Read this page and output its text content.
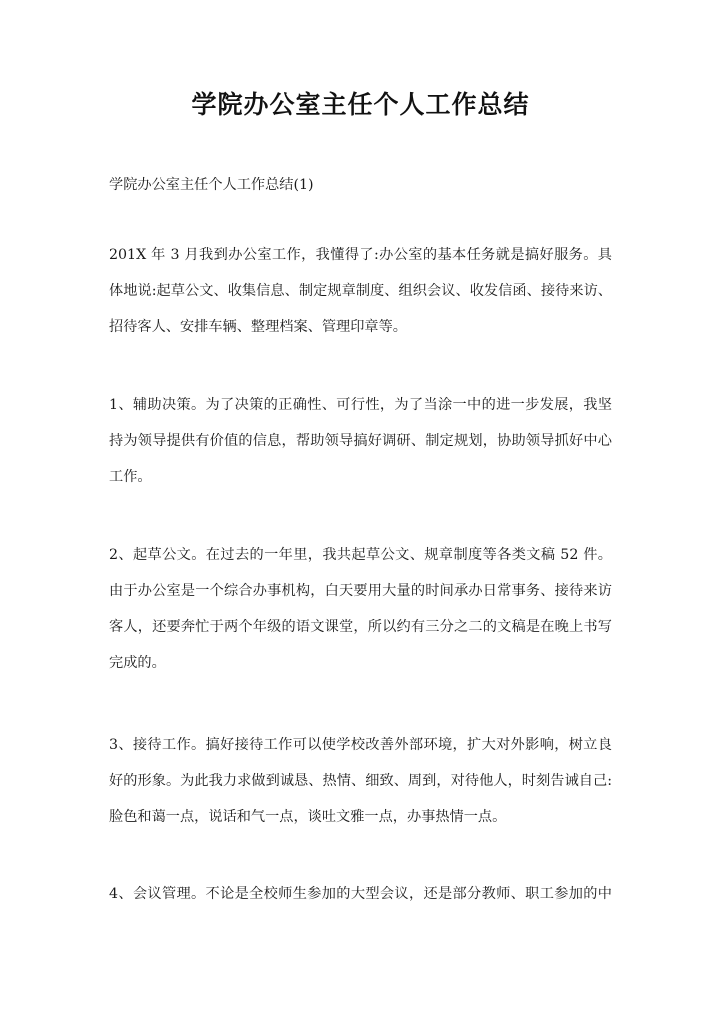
学院办公室主任个人工作总结
学院办公室主任个人工作总结(1)
201X 年 3 月我到办公室工作，我懂得了:办公室的基本任务就是搞好服务。具
体地说:起草公文、收集信息、制定规章制度、组织会议、收发信函、接待来访、
招待客人、安排车辆、整理档案、管理印章等。
1、辅助决策。为了决策的正确性、可行性，为了当涂一中的进一步发展，我坚
持为领导提供有价值的信息，帮助领导搞好调研、制定规划，协助领导抓好中心
工作。
2、起草公文。在过去的一年里，我共起草公文、规章制度等各类文稿 52 件。
由于办公室是一个综合办事机构，白天要用大量的时间承办日常事务、接待来访
客人，还要奔忙于两个年级的语文课堂，所以约有三分之二的文稿是在晚上书写
完成的。
3、接待工作。搞好接待工作可以使学校改善外部环境，扩大对外影响，树立良
好的形象。为此我力求做到诚恳、热情、细致、周到，对待他人，时刻告诫自己:
脸色和蔼一点，说话和气一点，谈吐文雅一点，办事热情一点。
4、会议管理。不论是全校师生参加的大型会议，还是部分教师、职工参加的中
